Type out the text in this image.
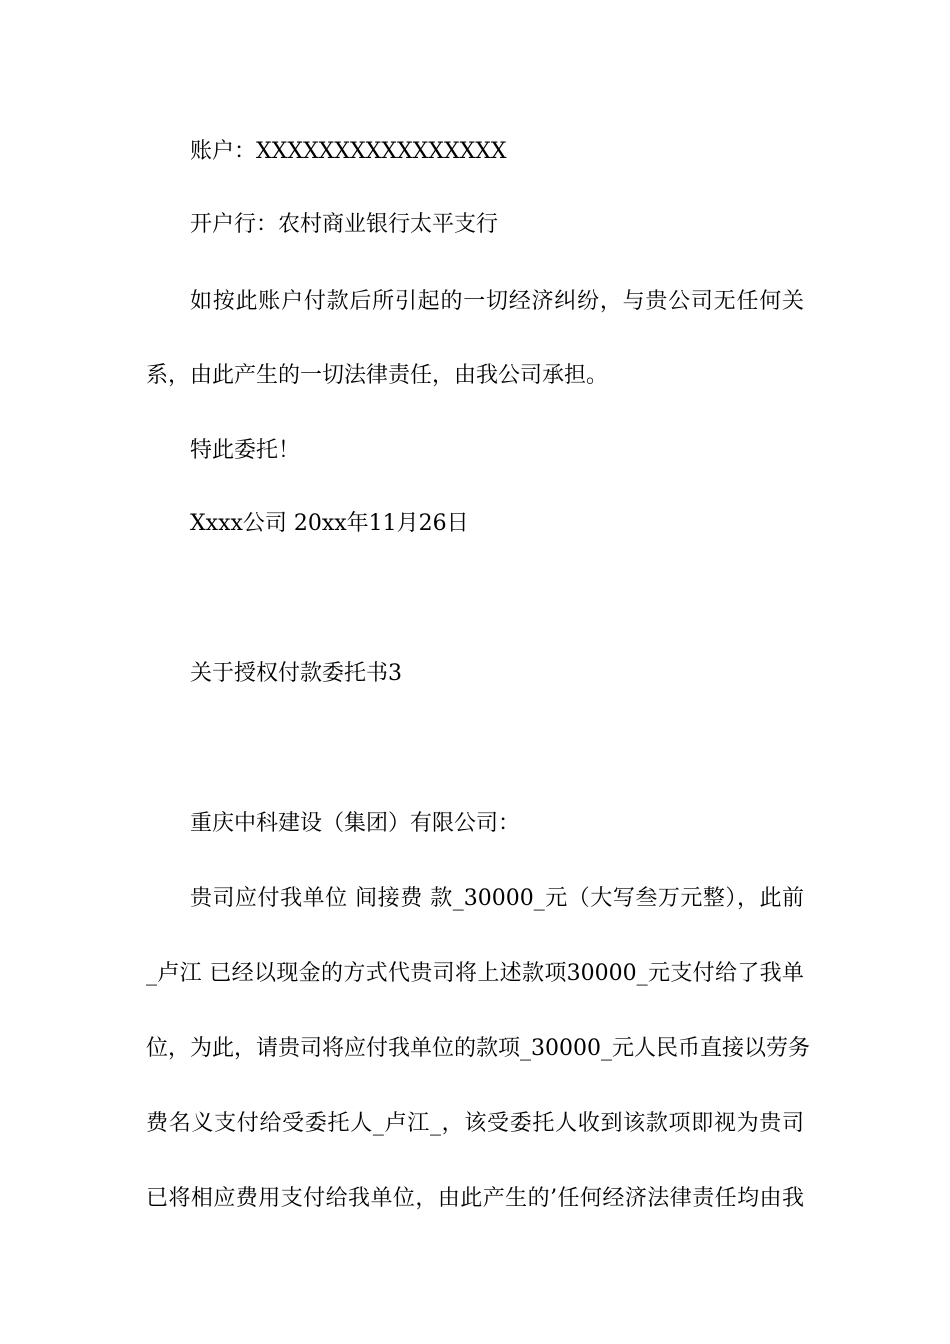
账户：XXXXXXXXXXXXXXXX
开户行：农村商业银行太平支行
如按此账户付款后所引起的一切经济纠纷，与贵公司无任何关
系，由此产生的一切法律责任，由我公司承担。
特此委托！
Xxxx公司 20xx年11月26日
关于授权付款委托书3
重庆中科建设（集团）有限公司：
贵司应付我单位 间接费 款_30000_元（大写叁万元整），此前
_卢江 已经以现金的方式代贵司将上述款项30000_元支付给了我单
位，为此，请贵司将应付我单位的款项_30000_元人民币直接以劳务
费名义支付给受委托人_卢江_，该受委托人收到该款项即视为贵司
已将相应费用支付给我单位，由此产生的’任何经济法律责任均由我
